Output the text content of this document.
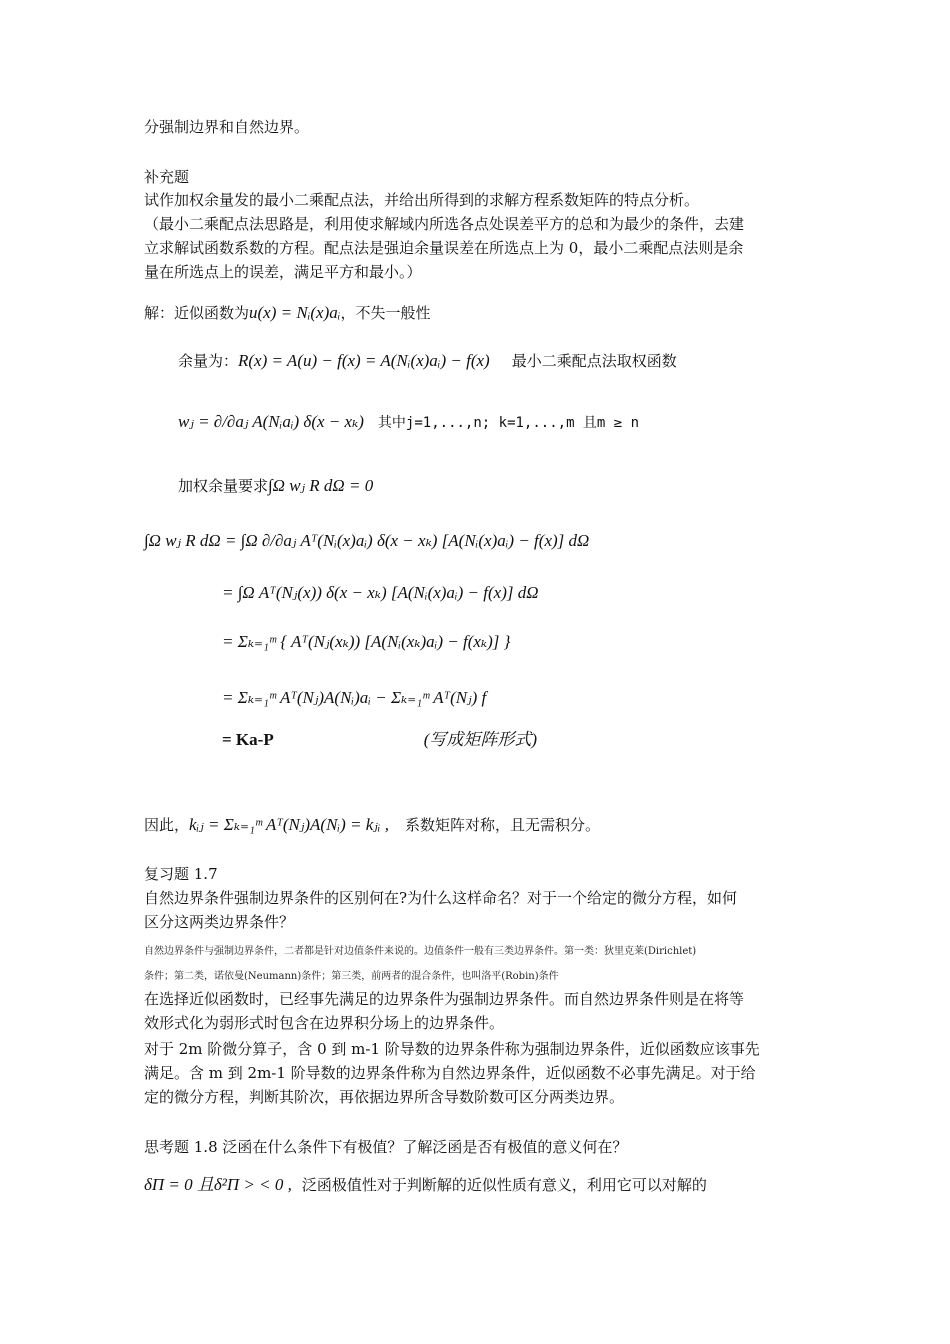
分强制边界和自然边界。
补充题
试作加权余量发的最小二乘配点法，并给出所得到的求解方程系数矩阵的特点分析。
（最小二乘配点法思路是，利用使求解域内所选各点处误差平方的总和为最少的条件，去建
立求解试函数系数的方程。配点法是强迫余量误差在所选点上为 0，最小二乘配点法则是余
量在所选点上的误差，满足平方和最小。）
解：近似函数为u(x) = Nᵢ(x)aᵢ，不失一般性
余量为：R(x) = A(u) − f(x) = A(Nᵢ(x)aᵢ) − f(x) 最小二乘配点法取权函数
wⱼ = ∂/∂aⱼ A(Nᵢaᵢ) δ(x − xₖ) 其中j=1,...,n; k=1,...,m 且m ≥ n
加权余量要求∫Ω wⱼ R dΩ = 0
∫Ω wⱼ R dΩ = ∫Ω ∂/∂aⱼ Aᵀ(Nᵢ(x)aᵢ) δ(x − xₖ) [A(Nᵢ(x)aᵢ) − f(x)] dΩ
= ∫Ω Aᵀ(Nⱼ(x)) δ(x − xₖ) [A(Nᵢ(x)aᵢ) − f(x)] dΩ
= Σₖ₌₁ᵐ { Aᵀ(Nⱼ(xₖ)) [A(Nᵢ(xₖ)aᵢ) − f(xₖ)] }
= Σₖ₌₁ᵐ Aᵀ(Nⱼ)A(Nᵢ)aᵢ − Σₖ₌₁ᵐ Aᵀ(Nⱼ) f
= Ka-P	(写成矩阵形式)
因此，kᵢⱼ = Σₖ₌₁ᵐ Aᵀ(Nⱼ)A(Nᵢ) = kⱼᵢ , 系数矩阵对称，且无需积分。
复习题 1.7
自然边界条件强制边界条件的区别何在?为什么这样命名？对于一个给定的微分方程，如何
区分这两类边界条件？
自然边界条件与强制边界条件，二者都是针对边值条件来说的。边值条件一般有三类边界条件。第一类：狄里克莱(Dirichlet)
条件；第二类，诺依曼(Neumann)条件；第三类，前两者的混合条件，也叫洛平(Robin)条件
在选择近似函数时，已经事先满足的边界条件为强制边界条件。而自然边界条件则是在将等
效形式化为弱形式时包含在边界积分场上的边界条件。
对于 2m 阶微分算子，含 0 到 m-1 阶导数的边界条件称为强制边界条件，近似函数应该事先
满足。含 m 到 2m-1 阶导数的边界条件称为自然边界条件，近似函数不必事先满足。对于给
定的微分方程，判断其阶次，再依据边界所含导数阶数可区分两类边界。
思考题 1.8 泛函在什么条件下有极值？了解泛函是否有极值的意义何在？
δΠ = 0 且δ²Π > < 0 , 泛函极值性对于判断解的近似性质有意义，利用它可以对解的
